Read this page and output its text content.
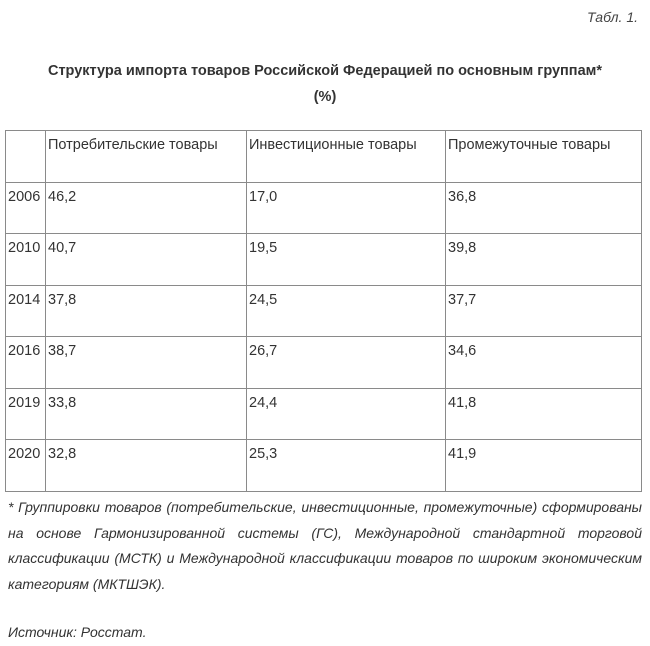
Табл. 1.
Структура импорта товаров Российской Федерацией по основным группам*
(%)
	Потребительские товары	Инвестиционные товары	Промежуточные товары
2006	46,2	17,0	36,8
2010	40,7	19,5	39,8
2014	37,8	24,5	37,7
2016	38,7	26,7	34,6
2019	33,8	24,4	41,8
2020	32,8	25,3	41,9
* Группировки товаров (потребительские, инвестиционные, промежуточные) сформированы на основе Гармонизированной системы (ГС), Международной стандартной торговой классификации (МСТК) и Международной классификации товаров по широким экономическим категориям (МКТШЭК).
Источник: Росстат.
